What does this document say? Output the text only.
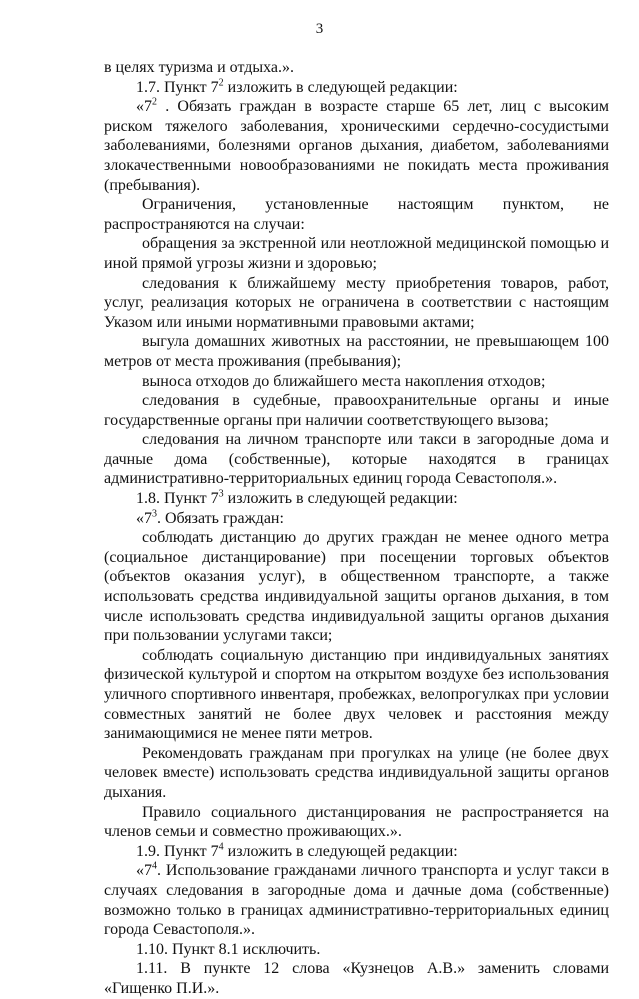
3

в целях туризма и отдыха.».

1.7. Пункт $7^2$ изложить в следующей редакции:

«$7^2$ . Обязать граждан в возрасте старше 65 лет, лиц с высоким риском тяжелого заболевания, хроническими сердечно-сосудистыми заболеваниями, болезнями органов дыхания, диабетом, заболеваниями злокачественными новообразованиями не покидать места проживания (пребывания).

Ограничения, установленные настоящим пунктом, не распространяются на случаи:

обращения за экстренной или неотложной медицинской помощью и иной прямой угрозы жизни и здоровью;

следования к ближайшему месту приобретения товаров, работ, услуг, реализация которых не ограничена в соответствии с настоящим Указом или иными нормативными правовыми актами;

выгула домашних животных на расстоянии, не превышающем 100 метров от места проживания (пребывания);

выноса отходов до ближайшего места накопления отходов;

следования в судебные, правоохранительные органы и иные государственные органы при наличии соответствующего вызова;

следования на личном транспорте или такси в загородные дома и дачные дома (собственные), которые находятся в границах административно-территориальных единиц города Севастополя.».

1.8. Пункт $7^3$ изложить в следующей редакции:

«$7^3$. Обязать граждан:

соблюдать дистанцию до других граждан не менее одного метра (социальное дистанцирование) при посещении торговых объектов (объектов оказания услуг), в общественном транспорте, а также использовать средства индивидуальной защиты органов дыхания, в том числе использовать средства индивидуальной защиты органов дыхания при пользовании услугами такси;

соблюдать социальную дистанцию при индивидуальных занятиях физической культурой и спортом на открытом воздухе без использования уличного спортивного инвентаря, пробежках, велопрогулках при условии совместных занятий не более двух человек и расстояния между занимающимися не менее пяти метров.

Рекомендовать гражданам при прогулках на улице (не более двух человек вместе) использовать средства индивидуальной защиты органов дыхания.

Правило социального дистанцирования не распространяется на членов семьи и совместно проживающих.».

1.9. Пункт $7^4$ изложить в следующей редакции:

«$7^4$. Использование гражданами личного транспорта и услуг такси в случаях следования в загородные дома и дачные дома (собственные) возможно только в границах административно-территориальных единиц города Севастополя.».

1.10. Пункт 8.1 исключить.

1.11. В пункте 12 слова «Кузнецов А.В.» заменить словами «Гищенко П.И.».
